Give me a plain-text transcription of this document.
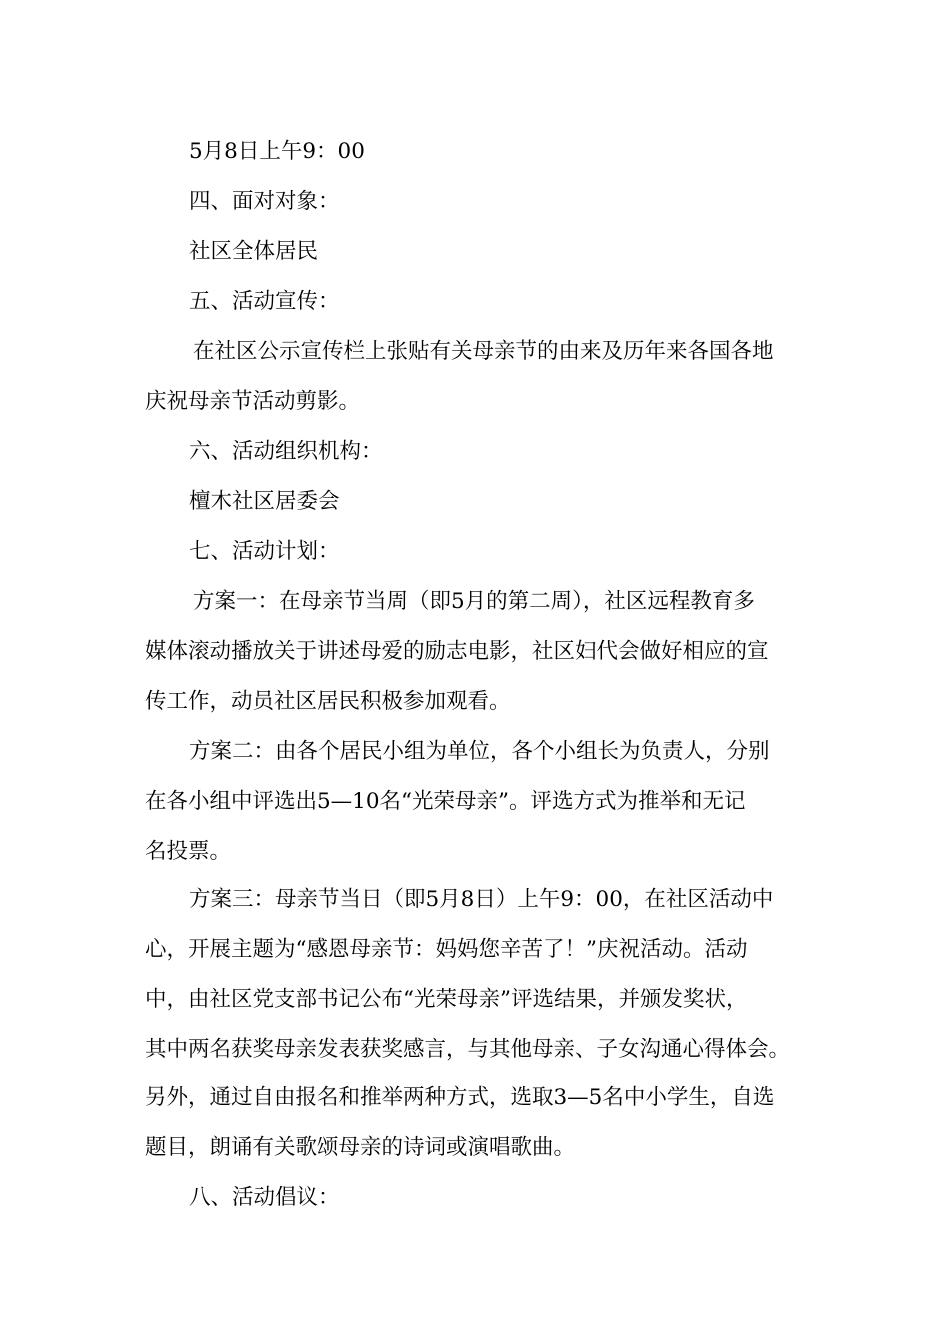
5月8日上午9：00
四、面对对象：
社区全体居民
五、活动宣传：
在社区公示宣传栏上张贴有关母亲节的由来及历年来各国各地
庆祝母亲节活动剪影。
六、活动组织机构：
檀木社区居委会
七、活动计划：
方案一：在母亲节当周（即5月的第二周），社区远程教育多
媒体滚动播放关于讲述母爱的励志电影，社区妇代会做好相应的宣
传工作，动员社区居民积极参加观看。
方案二：由各个居民小组为单位，各个小组长为负责人，分别
在各小组中评选出5—10名“光荣母亲”。评选方式为推举和无记
名投票。
方案三：母亲节当日（即5月8日）上午9：00，在社区活动中
心，开展主题为“感恩母亲节：妈妈您辛苦了！”庆祝活动。活动
中，由社区党支部书记公布“光荣母亲”评选结果，并颁发奖状，
其中两名获奖母亲发表获奖感言，与其他母亲、子女沟通心得体会。
另外，通过自由报名和推举两种方式，选取3—5名中小学生，自选
题目，朗诵有关歌颂母亲的诗词或演唱歌曲。
八、活动倡议：
